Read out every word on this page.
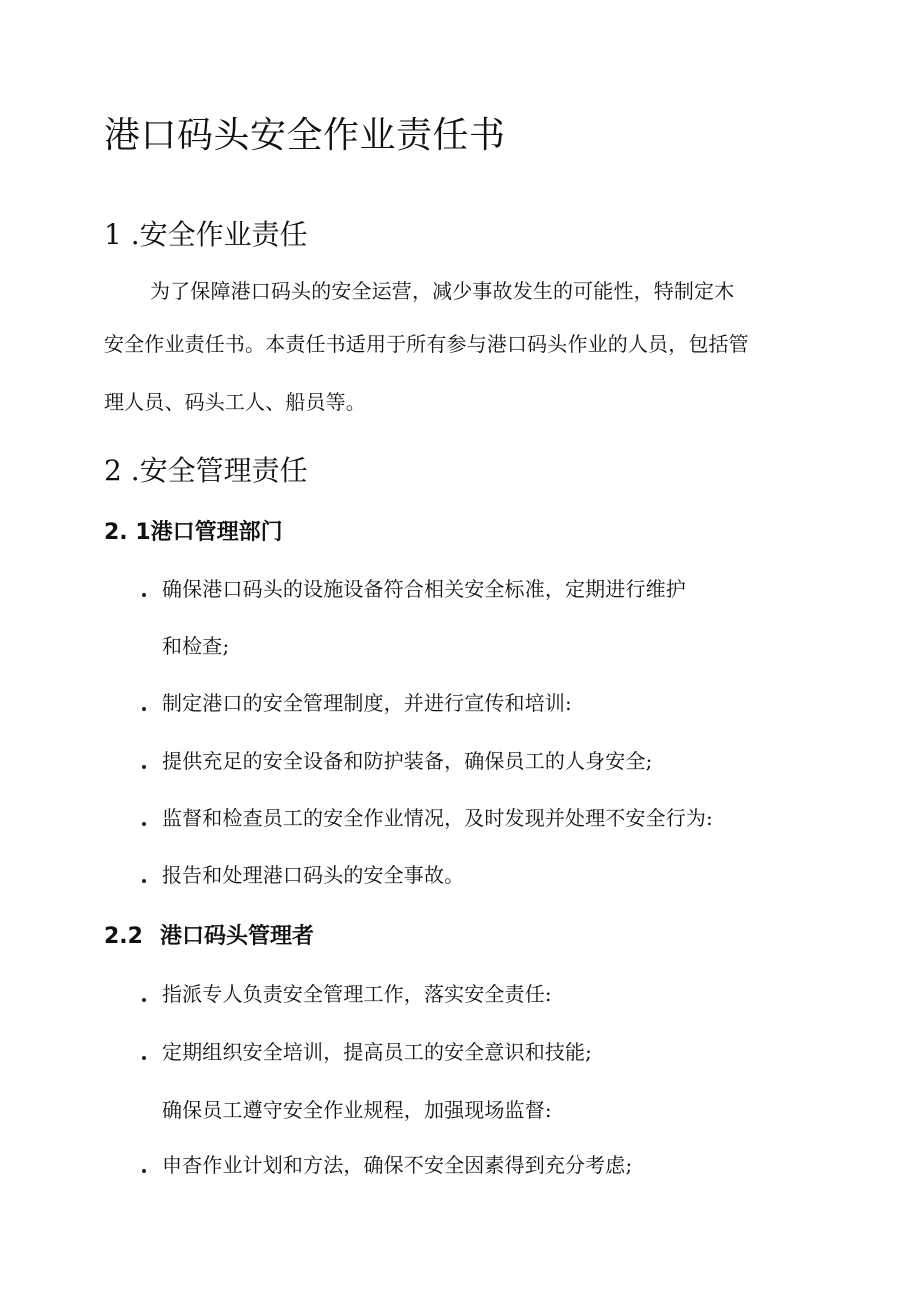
港口码头安全作业责任书
1 .安全作业责任
为了保障港口码头的安全运营，减少事故发生的可能性，特制定木
安全作业责任书。本责任书适用于所有参与港口码头作业的人员，包括管
理人员、码头工人、船员等。
2 .安全管理责任
2. 1港口管理部门
确保港口码头的设施设备符合相关安全标准，定期进行维护
和检查;
制定港口的安全管理制度，并进行宣传和培训:
提供充足的安全设备和防护装备，确保员工的人身安全;
监督和检查员工的安全作业情况，及时发现并处理不安全行为:
报告和处理港口码头的安全事故。
2.2 港口码头管理者
指派专人负责安全管理工作，落实安全责任:
定期组织安全培训，提高员工的安全意识和技能;
确保员工遵守安全作业规程，加强现场监督:
申杳作业计划和方法，确保不安全因素得到充分考虑;
